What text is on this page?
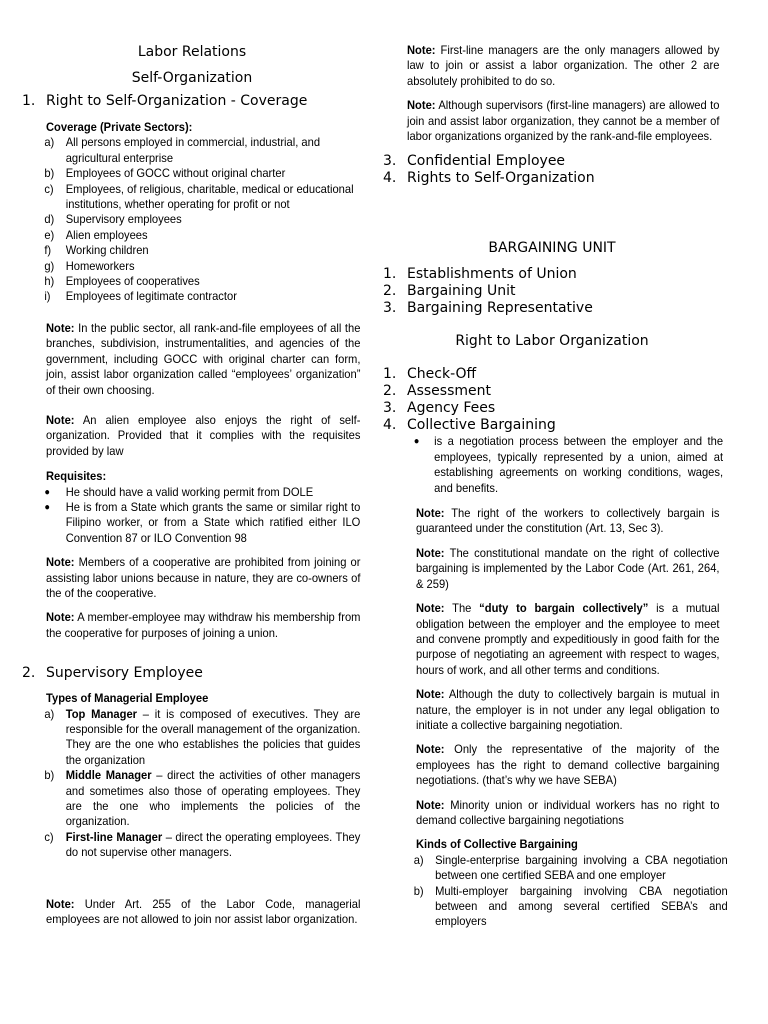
Labor Relations
Self-Organization
1. Right to Self-Organization - Coverage
Coverage (Private Sectors):
a) All persons employed in commercial, industrial, and agricultural enterprise
b) Employees of GOCC without original charter
c)	Employees, of religious, charitable, medical or educational institutions, whether operating for profit or not
d) Supervisory employees
e) Alien employees
f)	Working children
g) Homeworkers
h) Employees of cooperatives
i)	Employees of legitimate contractor
Note: In the public sector, all rank-and-file employees of all the branches, subdivision, instrumentalities, and agencies of the government, including GOCC with original charter can form, join, assist labor organization called “employees’ organization” of their own choosing.
Note: An alien employee also enjoys the right of self-organization. Provided that it complies with the requisites provided by law
Requisites:
●	He should have a valid working permit from DOLE
●	He is from a State which grants the same or similar right to Filipino worker, or from a State which ratified either ILO Convention 87 or ILO Convention 98
Note: Members of a cooperative are prohibited from joining or assisting labor unions because in nature, they are co-owners of the of the cooperative.
Note: A member-employee may withdraw his membership from the cooperative for purposes of joining a union.
2. Supervisory Employee
Types of Managerial Employee
a) Top Manager – it is composed of executives. They are responsible for the overall management of the organization. They are the one who establishes the policies that guides the organization
b) Middle Manager – direct the activities of other managers and sometimes also those of operating employees. They are the one who implements the policies of the organization.
c)	First-line Manager – direct the operating employees. They do not supervise other managers.
Note: Under Art. 255 of the Labor Code, managerial employees are not allowed to join nor assist labor organization.
Note: First-line managers are the only managers allowed by law to join or assist a labor organization. The other 2 are absolutely prohibited to do so.
Note: Although supervisors (first-line managers) are allowed to join and assist labor organization, they cannot be a member of labor organizations organized by the rank-and-file employees.
3. Confidential Employee
4. Rights to Self-Organization
BARGAINING UNIT
1. Establishments of Union
2. Bargaining Unit
3. Bargaining Representative
Right to Labor Organization
1. Check-Off
2. Assessment
3. Agency Fees
4. Collective Bargaining
●	is a negotiation process between the employer and the employees, typically represented by a union, aimed at establishing agreements on working conditions, wages, and benefits.
Note: The right of the workers to collectively bargain is guaranteed under the constitution (Art. 13, Sec 3).
Note: The constitutional mandate on the right of collective bargaining is implemented by the Labor Code (Art. 261, 264, & 259)
Note: The “duty to bargain collectively” is a mutual obligation between the employer and the employee to meet and convene promptly and expeditiously in good faith for the purpose of negotiating an agreement with respect to wages, hours of work, and all other terms and conditions.
Note: Although the duty to collectively bargain is mutual in nature, the employer is in not under any legal obligation to initiate a collective bargaining negotiation.
Note: Only the representative of the majority of the employees has the right to demand collective bargaining negotiations. (that’s why we have SEBA)
Note: Minority union or individual workers has no right to demand collective bargaining negotiations
Kinds of Collective Bargaining
a) Single-enterprise bargaining involving a CBA negotiation between one certified SEBA and one employer
b) Multi-employer bargaining involving CBA negotiation between and among several certified SEBA’s and employers
